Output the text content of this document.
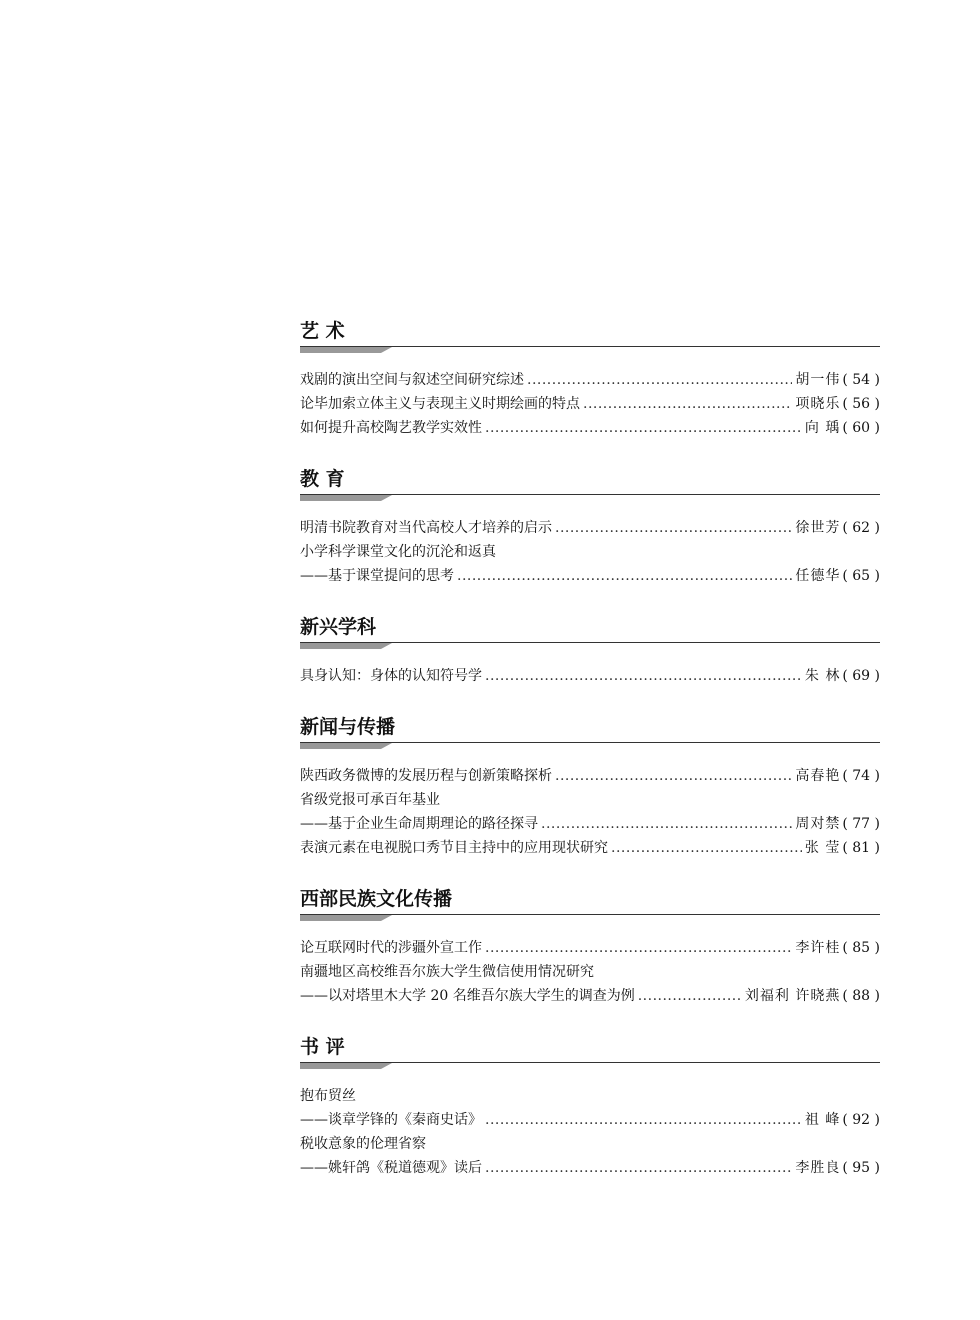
艺 术
戏剧的演出空间与叙述空间研究综述 .....	胡一伟 ( 54 )
论毕加索立体主义与表现主义时期绘画的特点 .....	项晓乐 ( 56 )
如何提升高校陶艺教学实效性 .....	向 瑀 ( 60 )
教 育
明清书院教育对当代高校人才培养的启示 .....	徐世芳 ( 62 )
小学科学课堂文化的沉沦和返真
——基于课堂提问的思考 .....	任德华 ( 65 )
新兴学科
具身认知：身体的认知符号学 .....	朱 林 ( 69 )
新闻与传播
陕西政务微博的发展历程与创新策略探析 .....	高春艳 ( 74 )
省级党报可承百年基业
——基于企业生命周期理论的路径探寻 .....	周对禁 ( 77 )
表演元素在电视脱口秀节目主持中的应用现状研究 .....	张 莹 ( 81 )
西部民族文化传播
论互联网时代的涉疆外宣工作 .....	李许桂 ( 85 )
南疆地区高校维吾尔族大学生微信使用情况研究
——以对塔里木大学 20 名维吾尔族大学生的调查为例 .....	刘福利 许晓燕 ( 88 )
书 评
抱布贸丝
——谈章学锋的《秦商史话》 .....	祖 峰 ( 92 )
税收意象的伦理省察
——姚轩鸽《税道德观》读后 .....	李胜良 ( 95 )
